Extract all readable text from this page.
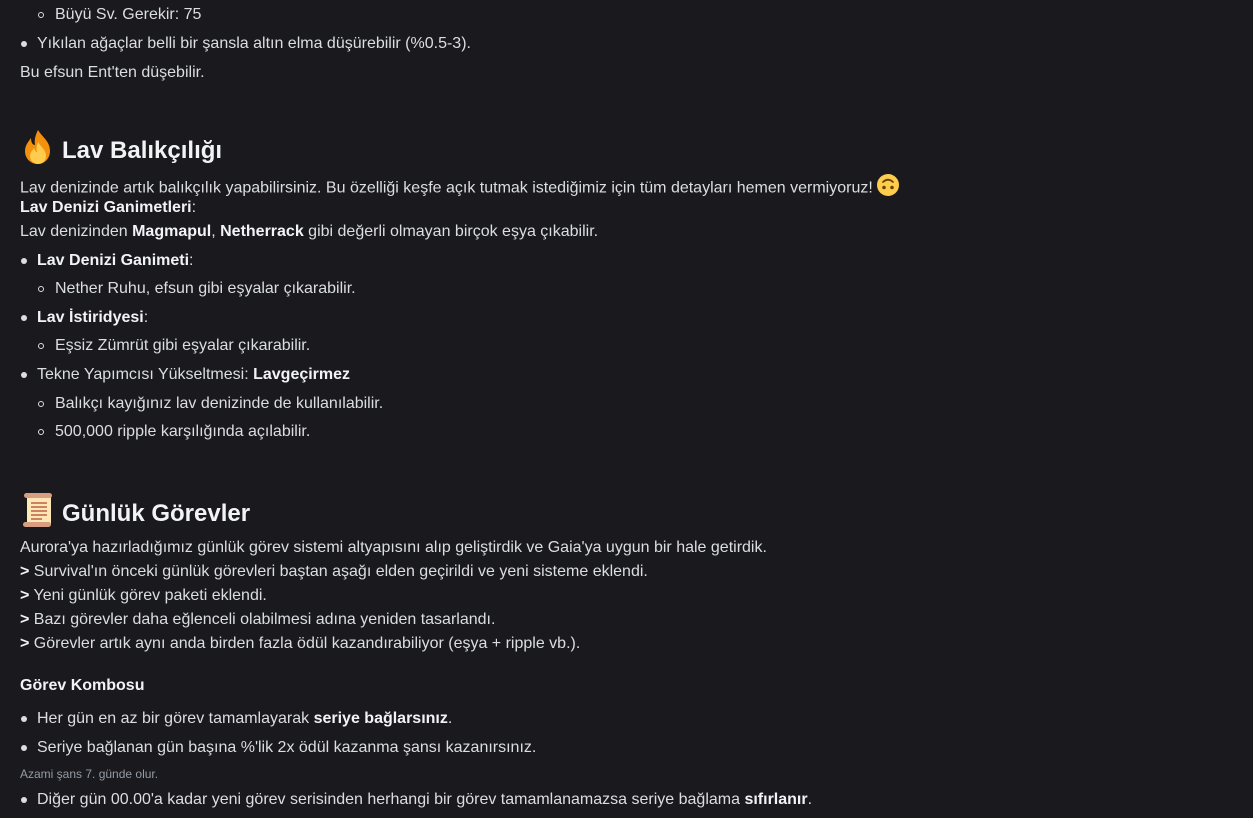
Büyü Sv. Gerekir: 75
Yıkılan ağaçlar belli bir şansla altın elma düşürebilir (%0.5-3).
Bu efsun Ent'ten düşebilir.
Lav Balıkçılığı
Lav denizinde artık balıkçılık yapabilirsiniz. Bu özelliği keşfe açık tutmak istediğimiz için tüm detayları hemen vermiyoruz!
Lav Denizi Ganimetleri:
Lav denizinden Magmapul, Netherrack gibi değerli olmayan birçok eşya çıkabilir.
Lav Denizi Ganimeti:
Nether Ruhu, efsun gibi eşyalar çıkarabilir.
Lav İstiridyesi:
Eşsiz Zümrüt gibi eşyalar çıkarabilir.
Tekne Yapımcısı Yükseltmesi: Lavgeçirmez
Balıkçı kayığınız lav denizinde de kullanılabilir.
500,000 ripple karşılığında açılabilir.
Günlük Görevler
Aurora'ya hazırladığımız günlük görev sistemi altyapısını alıp geliştirdik ve Gaia'ya uygun bir hale getirdik.
> Survival'ın önceki günlük görevleri baştan aşağı elden geçirildi ve yeni sisteme eklendi.
> Yeni günlük görev paketi eklendi.
> Bazı görevler daha eğlenceli olabilmesi adına yeniden tasarlandı.
> Görevler artık aynı anda birden fazla ödül kazandırabiliyor (eşya + ripple vb.).
Görev Kombosu
Her gün en az bir görev tamamlayarak seriye bağlarsınız.
Seriye bağlanan gün başına %'lik 2x ödül kazanma şansı kazanırsınız.
Azami şans 7. günde olur.
Diğer gün 00.00'a kadar yeni görev serisinden herhangi bir görev tamamlanamazsa seriye bağlama sıfırlanır.
